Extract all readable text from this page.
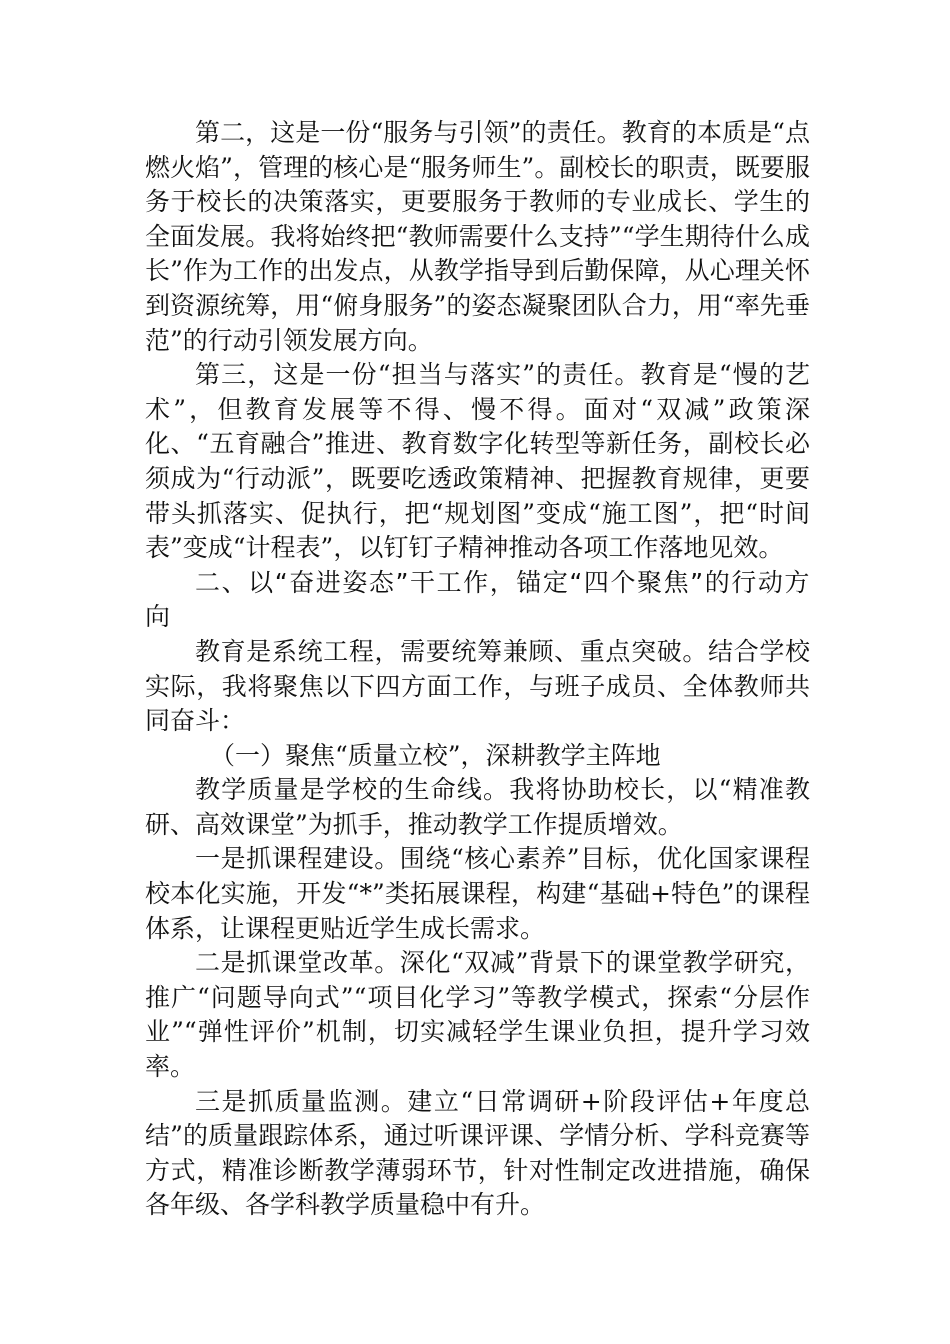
第二，这是一份“服务与引领”的责任。教育的本质是“点燃火焰”，管理的核心是“服务师生”。副校长的职责，既要服务于校长的决策落实，更要服务于教师的专业成长、学生的全面发展。我将始终把“教师需要什么支持”“学生期待什么成长”作为工作的出发点，从教学指导到后勤保障，从心理关怀到资源统筹，用“俯身服务”的姿态凝聚团队合力，用“率先垂范”的行动引领发展方向。

第三，这是一份“担当与落实”的责任。教育是“慢的艺术”，但教育发展等不得、慢不得。面对“双减”政策深化、“五育融合”推进、教育数字化转型等新任务，副校长必须成为“行动派”，既要吃透政策精神、把握教育规律，更要带头抓落实、促执行，把“规划图”变成“施工图”，把“时间表”变成“计程表”，以钉钉子精神推动各项工作落地见效。

二、以“奋进姿态”干工作，锚定“四个聚焦”的行动方向

教育是系统工程，需要统筹兼顾、重点突破。结合学校实际，我将聚焦以下四方面工作，与班子成员、全体教师共同奋斗：

（一）聚焦“质量立校”，深耕教学主阵地

教学质量是学校的生命线。我将协助校长，以“精准教研、高效课堂”为抓手，推动教学工作提质增效。

一是抓课程建设。围绕“核心素养”目标，优化国家课程校本化实施，开发“*”类拓展课程，构建“基础+特色”的课程体系，让课程更贴近学生成长需求。

二是抓课堂改革。深化“双减”背景下的课堂教学研究，推广“问题导向式”“项目化学习”等教学模式，探索“分层作业”“弹性评价”机制，切实减轻学生课业负担，提升学习效率。

三是抓质量监测。建立“日常调研+阶段评估+年度总结”的质量跟踪体系，通过听课评课、学情分析、学科竞赛等方式，精准诊断教学薄弱环节，针对性制定改进措施，确保各年级、各学科教学质量稳中有升。
